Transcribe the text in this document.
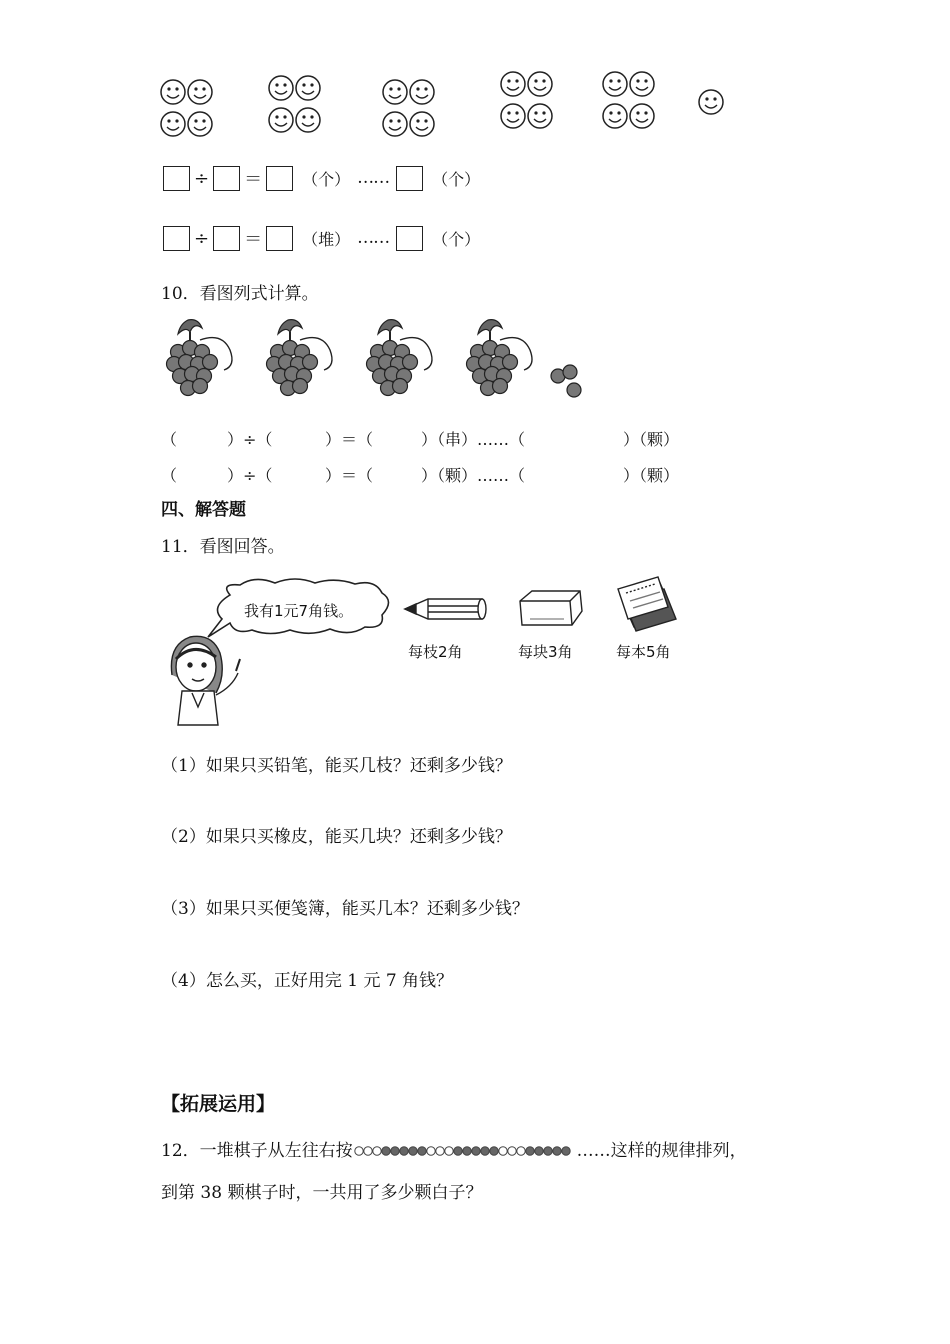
÷ ＝	（个） ……	（个）
÷ ＝	（堆） ……	（个）
10．看图列式计算。
（	）÷（	）＝（	）（串）……（	）（颗）
（	）÷（	）＝（	）（颗）……（	）（颗）
四、解答题
11．看图回答。
我有1元7角钱。
每枝2角	每块3角	每本5角
（1）如果只买铅笔，能买几枝？还剩多少钱？
（2）如果只买橡皮，能买几块？还剩多少钱？
（3）如果只买便笺簿，能买几本？还剩多少钱？
（4）怎么买，正好用完 1 元 7 角钱？
【拓展运用】
12．一堆棋子从左往右按	……这样的规律排列，
到第 38 颗棋子时，一共用了多少颗白子？
